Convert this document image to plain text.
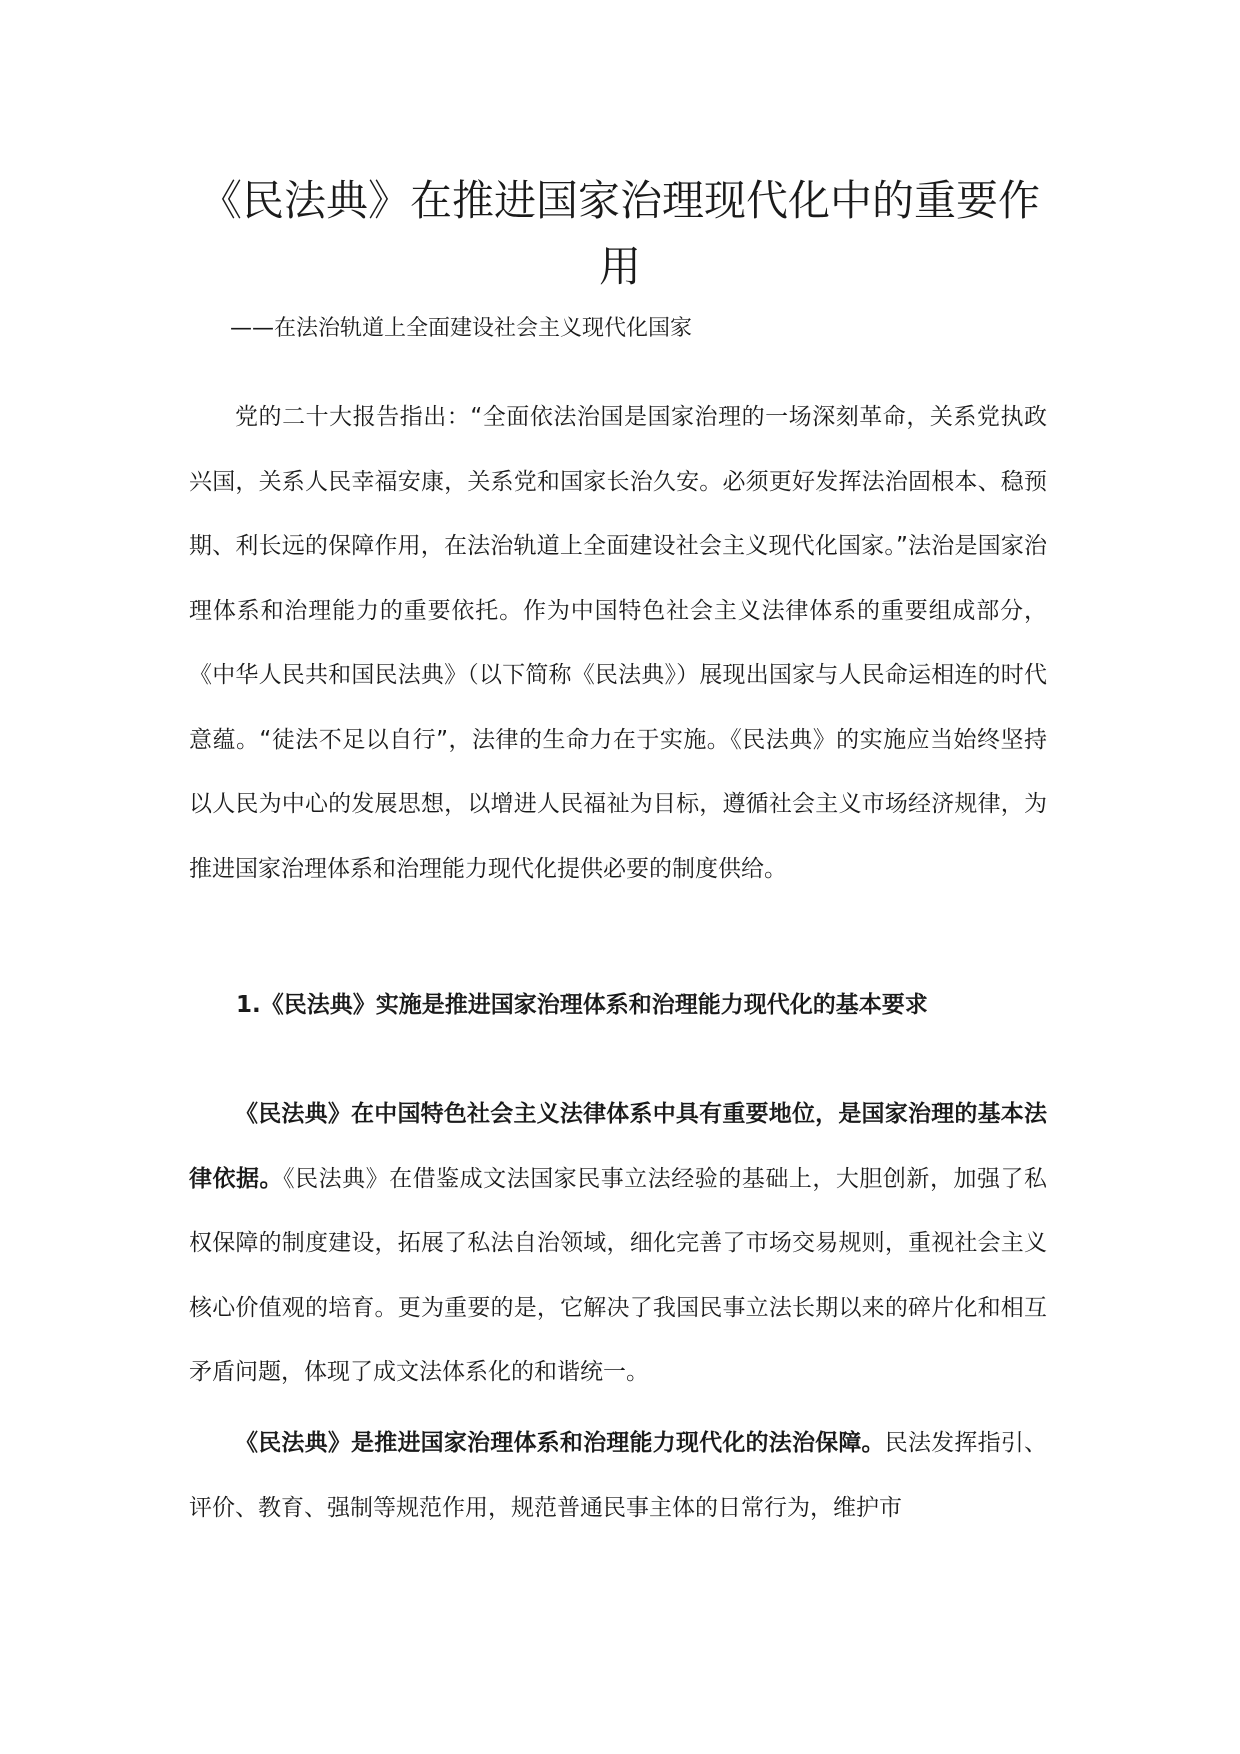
《民法典》在推进国家治理现代化中的重要作用

——在法治轨道上全面建设社会主义现代化国家

党的二十大报告指出：“全面依法治国是国家治理的一场深刻革命，关系党执政兴国，关系人民幸福安康，关系党和国家长治久安。必须更好发挥法治固根本、稳预期、利长远的保障作用，在法治轨道上全面建设社会主义现代化国家。”法治是国家治理体系和治理能力的重要依托。作为中国特色社会主义法律体系的重要组成部分，《中华人民共和国民法典》（以下简称《民法典》）展现出国家与人民命运相连的时代意蕴。“徒法不足以自行”，法律的生命力在于实施。《民法典》的实施应当始终坚持以人民为中心的发展思想，以增进人民福祉为目标，遵循社会主义市场经济规律，为推进国家治理体系和治理能力现代化提供必要的制度供给。

1.《民法典》实施是推进国家治理体系和治理能力现代化的基本要求

《民法典》在中国特色社会主义法律体系中具有重要地位，是国家治理的基本法律依据。《民法典》在借鉴成文法国家民事立法经验的基础上，大胆创新，加强了私权保障的制度建设，拓展了私法自治领域，细化完善了市场交易规则，重视社会主义核心价值观的培育。更为重要的是，它解决了我国民事立法长期以来的碎片化和相互矛盾问题，体现了成文法体系化的和谐统一。

《民法典》是推进国家治理体系和治理能力现代化的法治保障。民法发挥指引、评价、教育、强制等规范作用，规范普通民事主体的日常行为，维护市
